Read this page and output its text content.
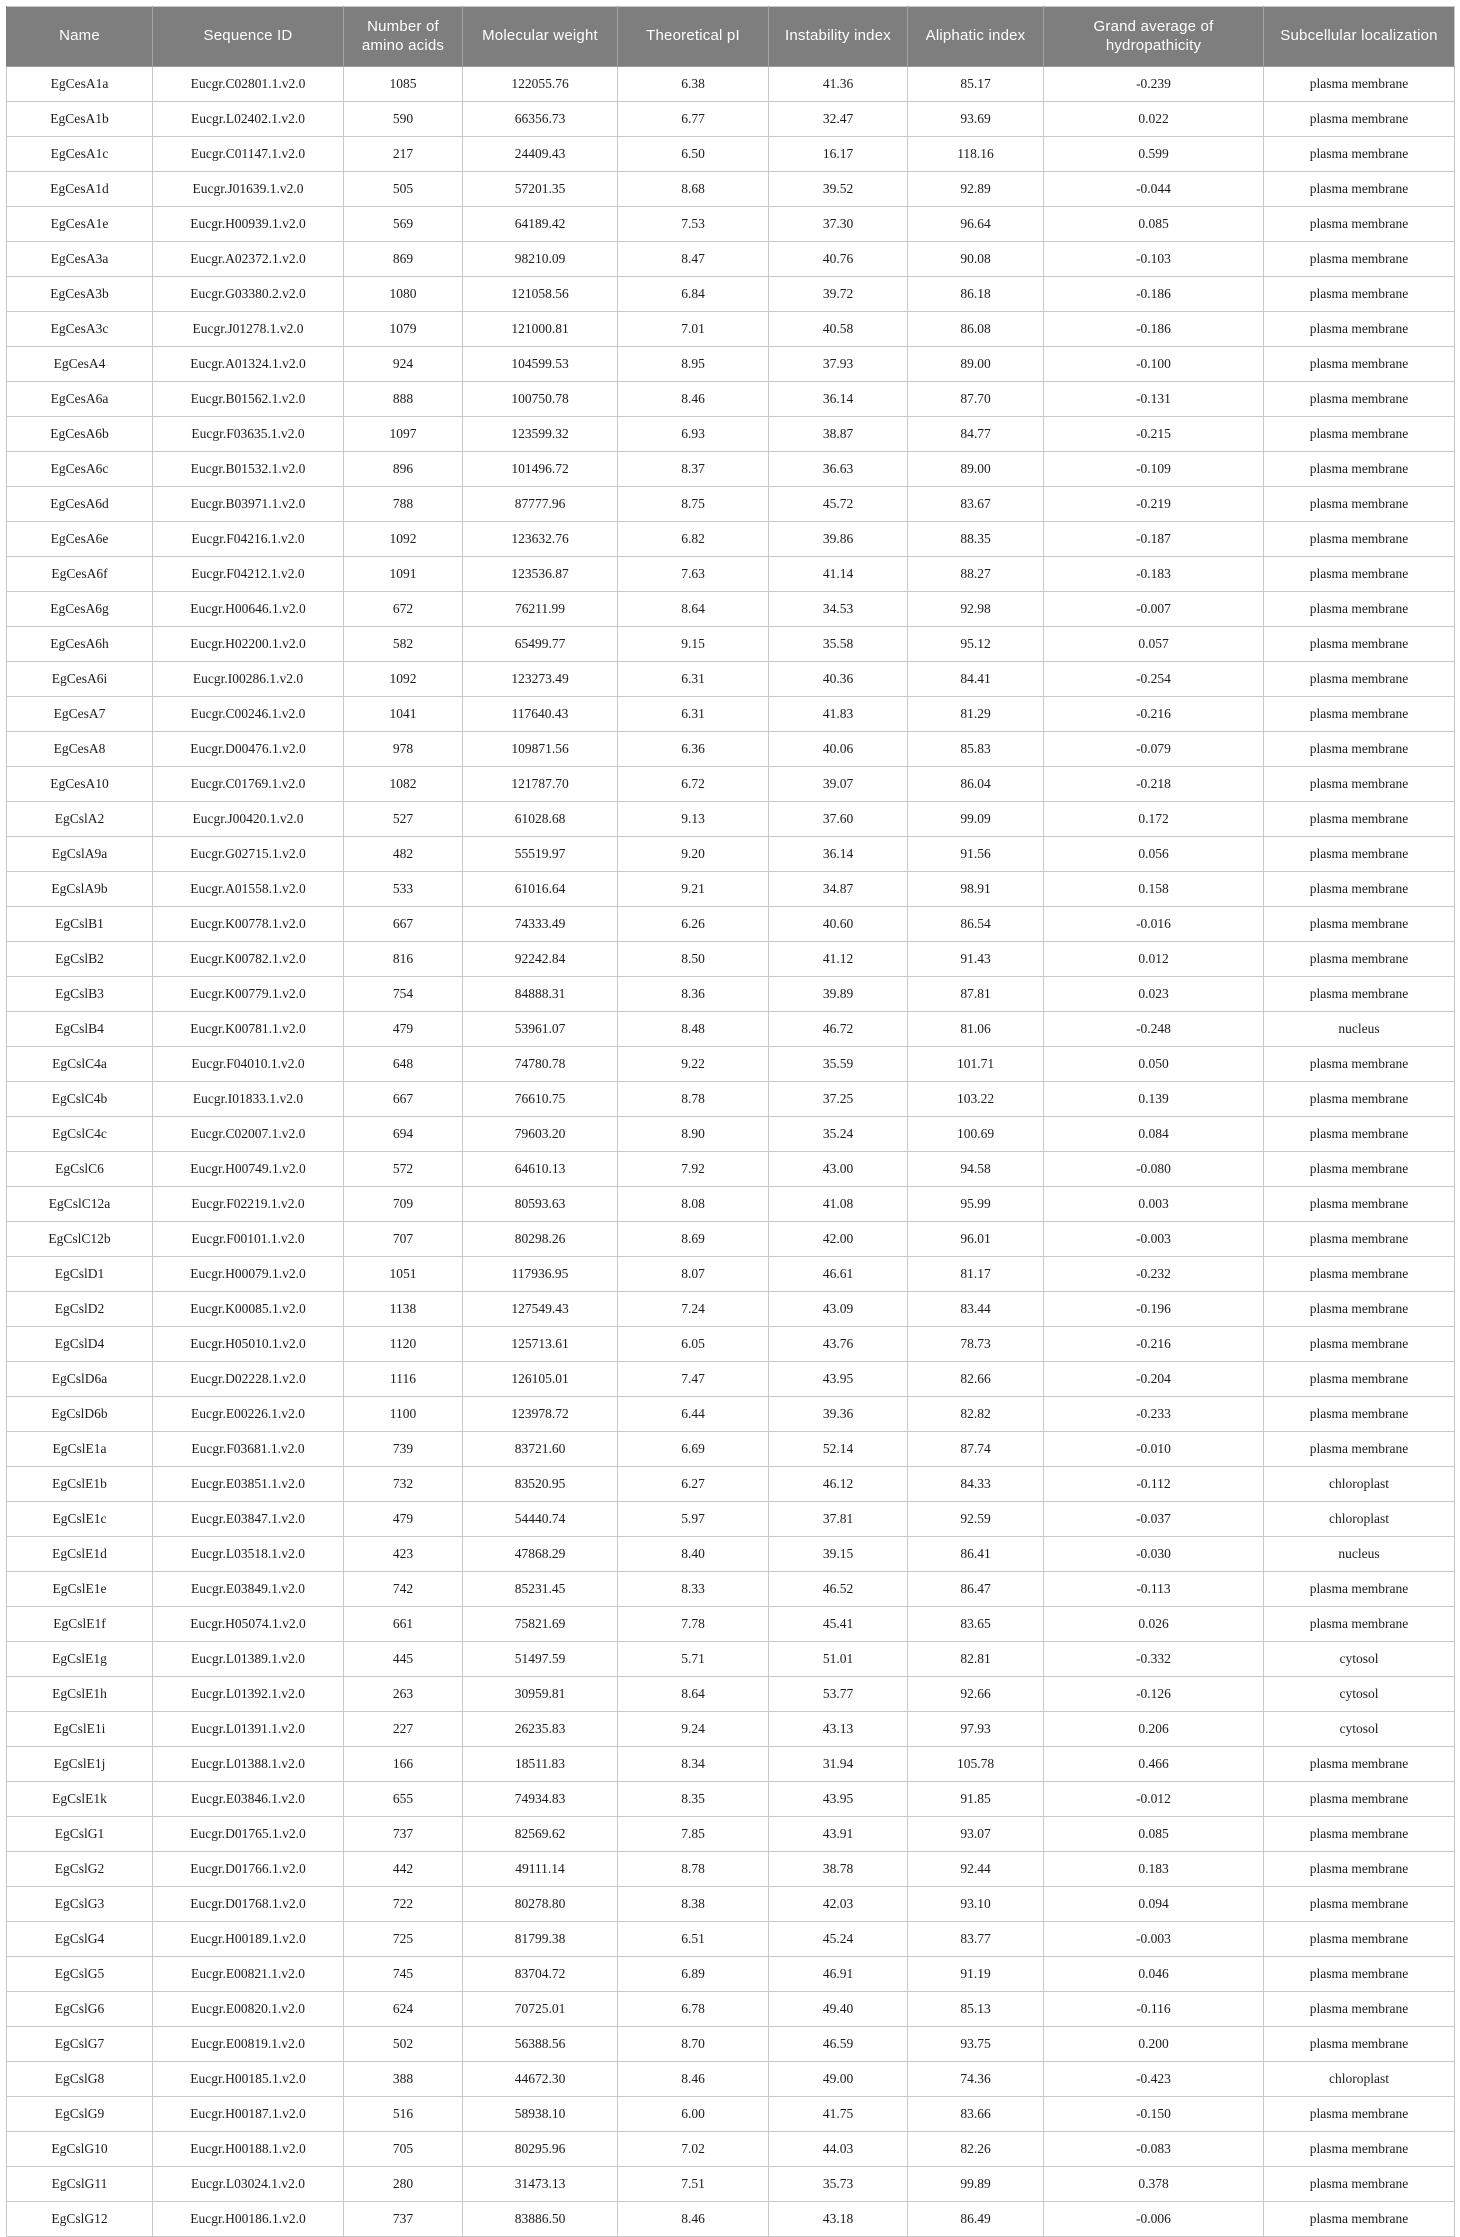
Name	Sequence ID	Number of amino acids	Molecular weight	Theoretical pI	Instability index	Aliphatic index	Grand average of hydropathicity	Subcellular localization
EgCesA1a	Eucgr.C02801.1.v2.0	1085	122055.76	6.38	41.36	85.17	-0.239	plasma membrane
EgCesA1b	Eucgr.L02402.1.v2.0	590	66356.73	6.77	32.47	93.69	0.022	plasma membrane
EgCesA1c	Eucgr.C01147.1.v2.0	217	24409.43	6.50	16.17	118.16	0.599	plasma membrane
EgCesA1d	Eucgr.J01639.1.v2.0	505	57201.35	8.68	39.52	92.89	-0.044	plasma membrane
EgCesA1e	Eucgr.H00939.1.v2.0	569	64189.42	7.53	37.30	96.64	0.085	plasma membrane
EgCesA3a	Eucgr.A02372.1.v2.0	869	98210.09	8.47	40.76	90.08	-0.103	plasma membrane
EgCesA3b	Eucgr.G03380.2.v2.0	1080	121058.56	6.84	39.72	86.18	-0.186	plasma membrane
EgCesA3c	Eucgr.J01278.1.v2.0	1079	121000.81	7.01	40.58	86.08	-0.186	plasma membrane
EgCesA4	Eucgr.A01324.1.v2.0	924	104599.53	8.95	37.93	89.00	-0.100	plasma membrane
EgCesA6a	Eucgr.B01562.1.v2.0	888	100750.78	8.46	36.14	87.70	-0.131	plasma membrane
EgCesA6b	Eucgr.F03635.1.v2.0	1097	123599.32	6.93	38.87	84.77	-0.215	plasma membrane
EgCesA6c	Eucgr.B01532.1.v2.0	896	101496.72	8.37	36.63	89.00	-0.109	plasma membrane
EgCesA6d	Eucgr.B03971.1.v2.0	788	87777.96	8.75	45.72	83.67	-0.219	plasma membrane
EgCesA6e	Eucgr.F04216.1.v2.0	1092	123632.76	6.82	39.86	88.35	-0.187	plasma membrane
EgCesA6f	Eucgr.F04212.1.v2.0	1091	123536.87	7.63	41.14	88.27	-0.183	plasma membrane
EgCesA6g	Eucgr.H00646.1.v2.0	672	76211.99	8.64	34.53	92.98	-0.007	plasma membrane
EgCesA6h	Eucgr.H02200.1.v2.0	582	65499.77	9.15	35.58	95.12	0.057	plasma membrane
EgCesA6i	Eucgr.I00286.1.v2.0	1092	123273.49	6.31	40.36	84.41	-0.254	plasma membrane
EgCesA7	Eucgr.C00246.1.v2.0	1041	117640.43	6.31	41.83	81.29	-0.216	plasma membrane
EgCesA8	Eucgr.D00476.1.v2.0	978	109871.56	6.36	40.06	85.83	-0.079	plasma membrane
EgCesA10	Eucgr.C01769.1.v2.0	1082	121787.70	6.72	39.07	86.04	-0.218	plasma membrane
EgCslA2	Eucgr.J00420.1.v2.0	527	61028.68	9.13	37.60	99.09	0.172	plasma membrane
EgCslA9a	Eucgr.G02715.1.v2.0	482	55519.97	9.20	36.14	91.56	0.056	plasma membrane
EgCslA9b	Eucgr.A01558.1.v2.0	533	61016.64	9.21	34.87	98.91	0.158	plasma membrane
EgCslB1	Eucgr.K00778.1.v2.0	667	74333.49	6.26	40.60	86.54	-0.016	plasma membrane
EgCslB2	Eucgr.K00782.1.v2.0	816	92242.84	8.50	41.12	91.43	0.012	plasma membrane
EgCslB3	Eucgr.K00779.1.v2.0	754	84888.31	8.36	39.89	87.81	0.023	plasma membrane
EgCslB4	Eucgr.K00781.1.v2.0	479	53961.07	8.48	46.72	81.06	-0.248	nucleus
EgCslC4a	Eucgr.F04010.1.v2.0	648	74780.78	9.22	35.59	101.71	0.050	plasma membrane
EgCslC4b	Eucgr.I01833.1.v2.0	667	76610.75	8.78	37.25	103.22	0.139	plasma membrane
EgCslC4c	Eucgr.C02007.1.v2.0	694	79603.20	8.90	35.24	100.69	0.084	plasma membrane
EgCslC6	Eucgr.H00749.1.v2.0	572	64610.13	7.92	43.00	94.58	-0.080	plasma membrane
EgCslC12a	Eucgr.F02219.1.v2.0	709	80593.63	8.08	41.08	95.99	0.003	plasma membrane
EgCslC12b	Eucgr.F00101.1.v2.0	707	80298.26	8.69	42.00	96.01	-0.003	plasma membrane
EgCslD1	Eucgr.H00079.1.v2.0	1051	117936.95	8.07	46.61	81.17	-0.232	plasma membrane
EgCslD2	Eucgr.K00085.1.v2.0	1138	127549.43	7.24	43.09	83.44	-0.196	plasma membrane
EgCslD4	Eucgr.H05010.1.v2.0	1120	125713.61	6.05	43.76	78.73	-0.216	plasma membrane
EgCslD6a	Eucgr.D02228.1.v2.0	1116	126105.01	7.47	43.95	82.66	-0.204	plasma membrane
EgCslD6b	Eucgr.E00226.1.v2.0	1100	123978.72	6.44	39.36	82.82	-0.233	plasma membrane
EgCslE1a	Eucgr.F03681.1.v2.0	739	83721.60	6.69	52.14	87.74	-0.010	plasma membrane
EgCslE1b	Eucgr.E03851.1.v2.0	732	83520.95	6.27	46.12	84.33	-0.112	chloroplast
EgCslE1c	Eucgr.E03847.1.v2.0	479	54440.74	5.97	37.81	92.59	-0.037	chloroplast
EgCslE1d	Eucgr.L03518.1.v2.0	423	47868.29	8.40	39.15	86.41	-0.030	nucleus
EgCslE1e	Eucgr.E03849.1.v2.0	742	85231.45	8.33	46.52	86.47	-0.113	plasma membrane
EgCslE1f	Eucgr.H05074.1.v2.0	661	75821.69	7.78	45.41	83.65	0.026	plasma membrane
EgCslE1g	Eucgr.L01389.1.v2.0	445	51497.59	5.71	51.01	82.81	-0.332	cytosol
EgCslE1h	Eucgr.L01392.1.v2.0	263	30959.81	8.64	53.77	92.66	-0.126	cytosol
EgCslE1i	Eucgr.L01391.1.v2.0	227	26235.83	9.24	43.13	97.93	0.206	cytosol
EgCslE1j	Eucgr.L01388.1.v2.0	166	18511.83	8.34	31.94	105.78	0.466	plasma membrane
EgCslE1k	Eucgr.E03846.1.v2.0	655	74934.83	8.35	43.95	91.85	-0.012	plasma membrane
EgCslG1	Eucgr.D01765.1.v2.0	737	82569.62	7.85	43.91	93.07	0.085	plasma membrane
EgCslG2	Eucgr.D01766.1.v2.0	442	49111.14	8.78	38.78	92.44	0.183	plasma membrane
EgCslG3	Eucgr.D01768.1.v2.0	722	80278.80	8.38	42.03	93.10	0.094	plasma membrane
EgCslG4	Eucgr.H00189.1.v2.0	725	81799.38	6.51	45.24	83.77	-0.003	plasma membrane
EgCslG5	Eucgr.E00821.1.v2.0	745	83704.72	6.89	46.91	91.19	0.046	plasma membrane
EgCslG6	Eucgr.E00820.1.v2.0	624	70725.01	6.78	49.40	85.13	-0.116	plasma membrane
EgCslG7	Eucgr.E00819.1.v2.0	502	56388.56	8.70	46.59	93.75	0.200	plasma membrane
EgCslG8	Eucgr.H00185.1.v2.0	388	44672.30	8.46	49.00	74.36	-0.423	chloroplast
EgCslG9	Eucgr.H00187.1.v2.0	516	58938.10	6.00	41.75	83.66	-0.150	plasma membrane
EgCslG10	Eucgr.H00188.1.v2.0	705	80295.96	7.02	44.03	82.26	-0.083	plasma membrane
EgCslG11	Eucgr.L03024.1.v2.0	280	31473.13	7.51	35.73	99.89	0.378	plasma membrane
EgCslG12	Eucgr.H00186.1.v2.0	737	83886.50	8.46	43.18	86.49	-0.006	plasma membrane
